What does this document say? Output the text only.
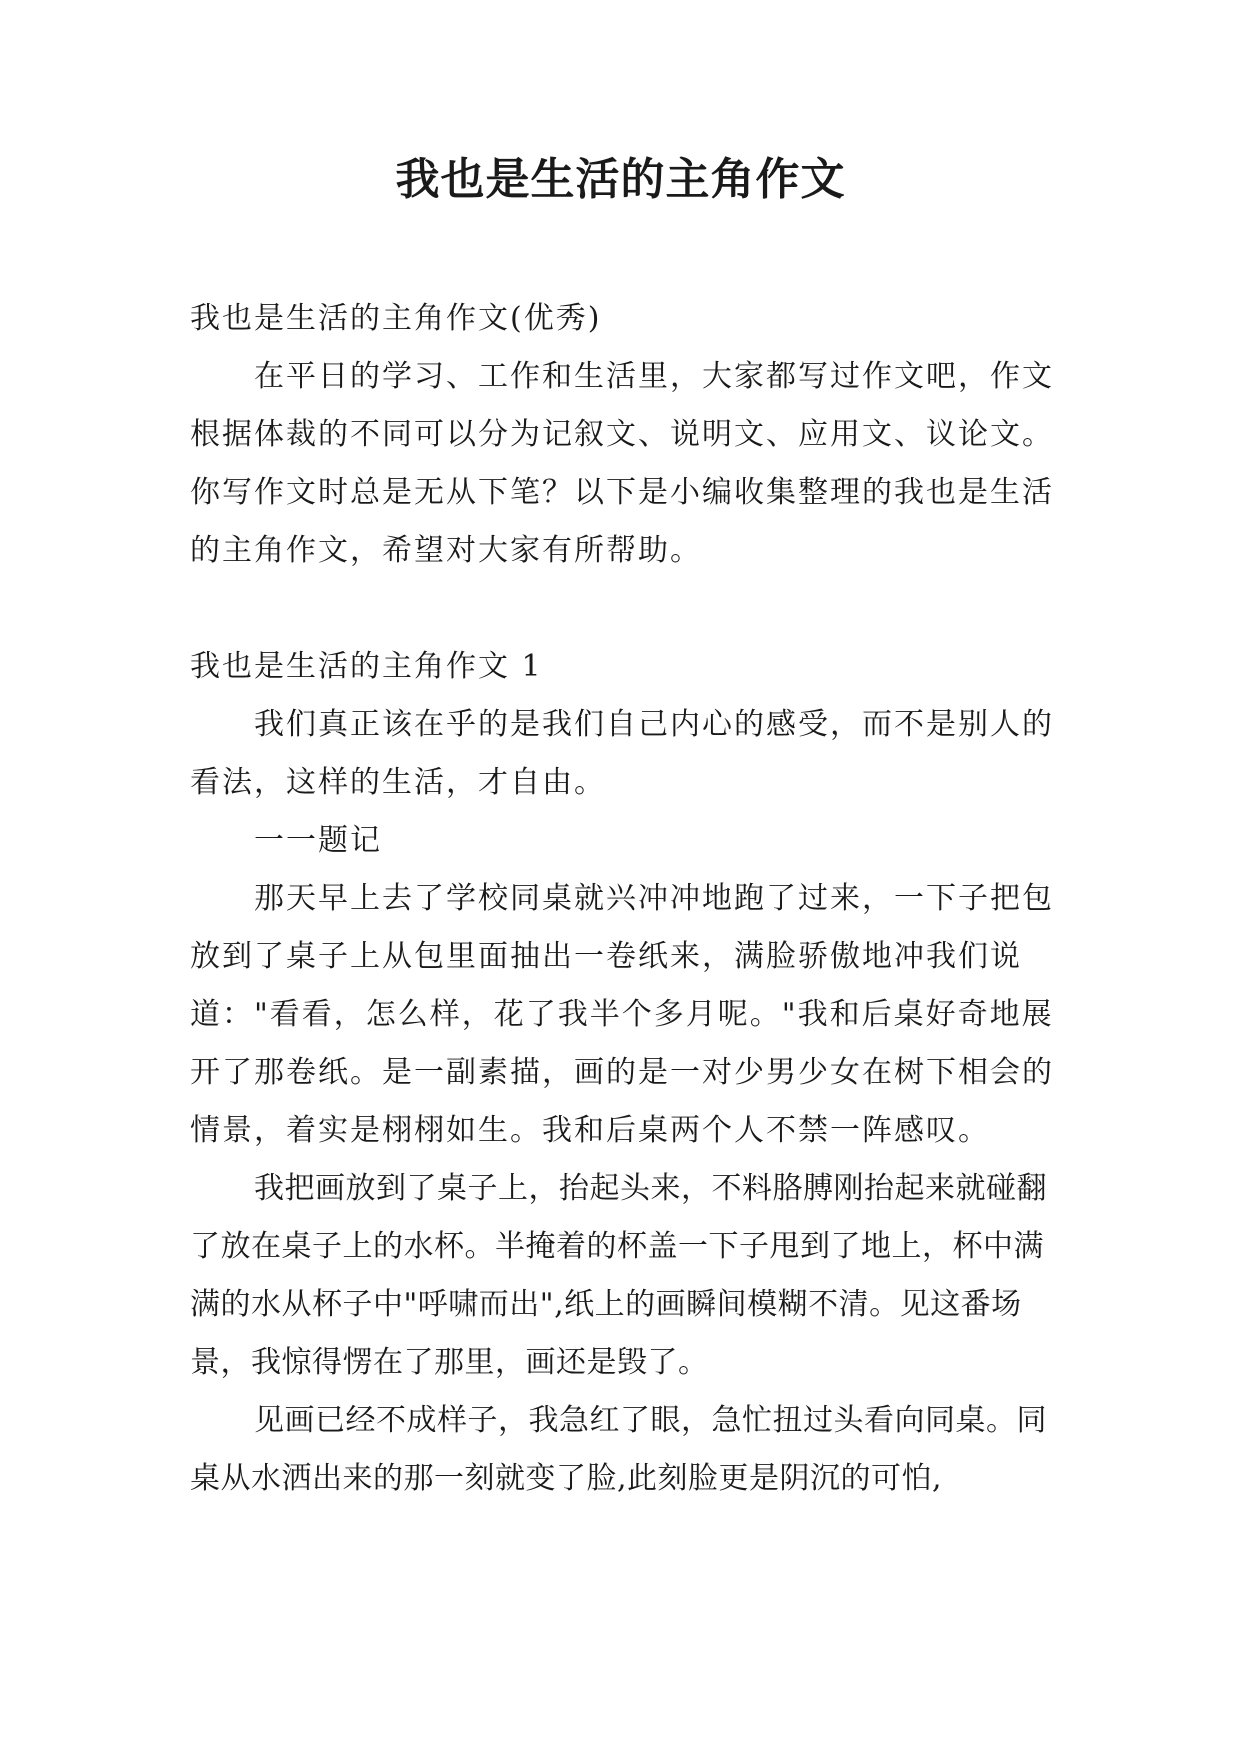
我也是生活的主角作文

我也是生活的主角作文(优秀)

在平日的学习、工作和生活里，大家都写过作文吧，作文根据体裁的不同可以分为记叙文、说明文、应用文、议论文。你写作文时总是无从下笔？以下是小编收集整理的我也是生活的主角作文，希望对大家有所帮助。

我也是生活的主角作文 1

我们真正该在乎的是我们自己内心的感受，而不是别人的看法，这样的生活，才自由。

一一题记

那天早上去了学校同桌就兴冲冲地跑了过来，一下子把包放到了桌子上从包里面抽出一卷纸来，满脸骄傲地冲我们说道："看看，怎么样，花了我半个多月呢。"我和后桌好奇地展开了那卷纸。是一副素描，画的是一对少男少女在树下相会的情景，着实是栩栩如生。我和后桌两个人不禁一阵感叹。

我把画放到了桌子上，抬起头来，不料胳膊刚抬起来就碰翻了放在桌子上的水杯。半掩着的杯盖一下子甩到了地上，杯中满满的水从杯子中"呼啸而出",纸上的画瞬间模糊不清。见这番场景，我惊得愣在了那里，画还是毁了。

见画已经不成样子，我急红了眼，急忙扭过头看向同桌。同桌从水洒出来的那一刻就变了脸,此刻脸更是阴沉的可怕,
